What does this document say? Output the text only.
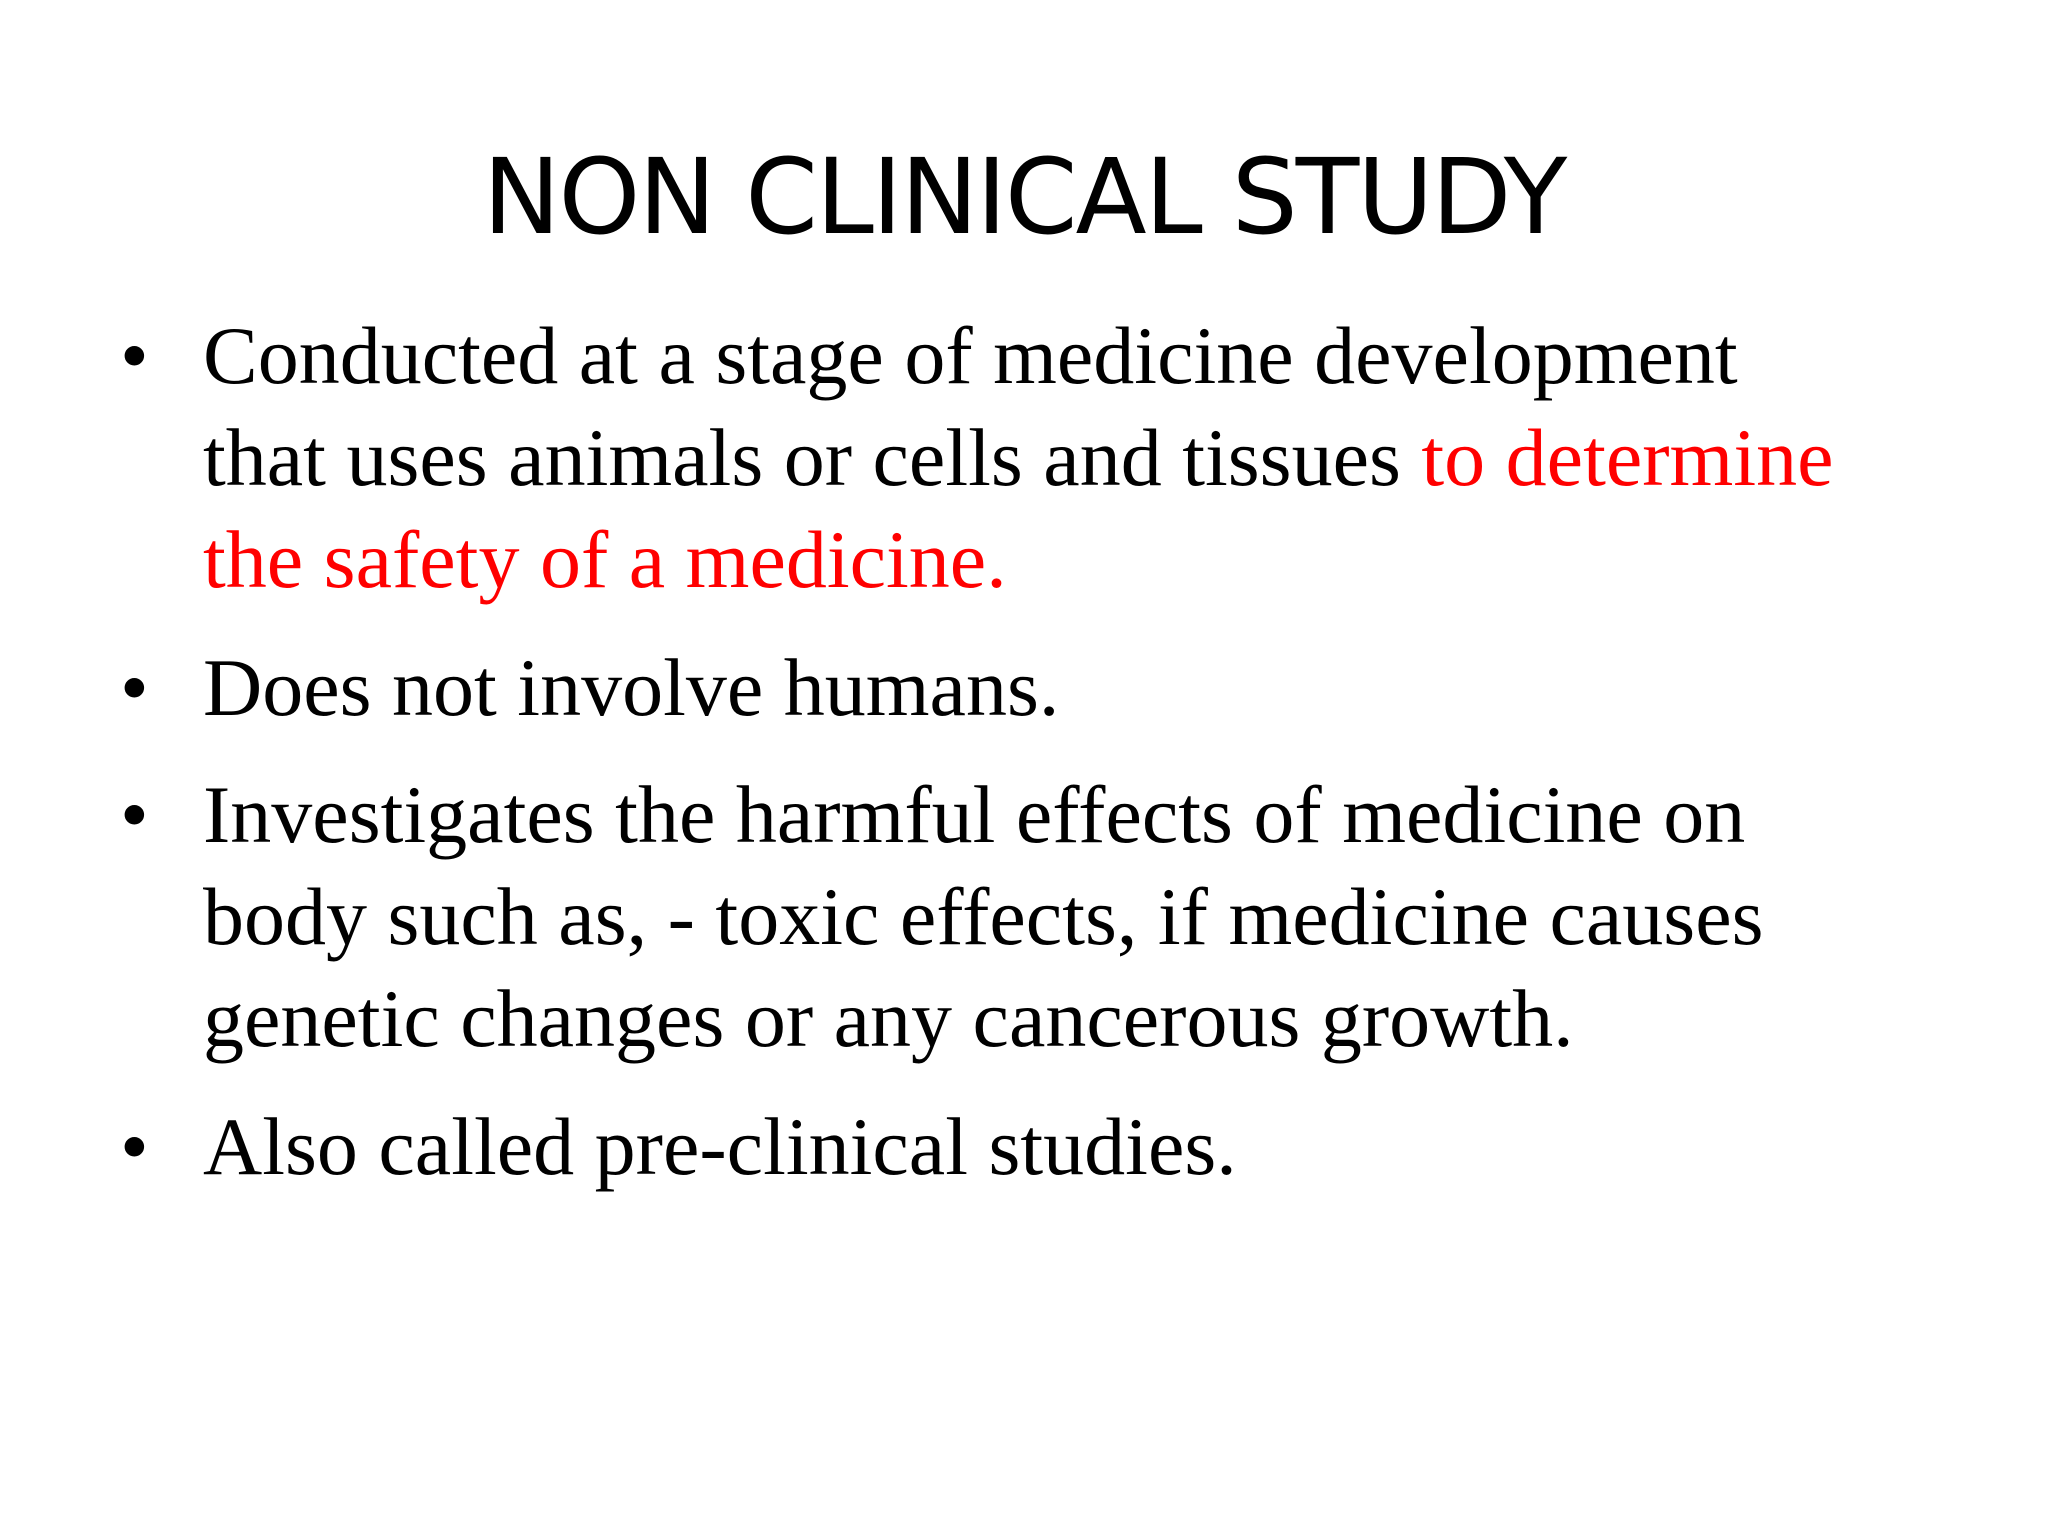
NON CLINICAL STUDY
• Conducted at a stage of medicine development
that uses animals or cells and tissues to determine
the safety of a medicine.
• Does not involve humans.
• Investigates the harmful effects of medicine on
body such as, - toxic effects, if medicine causes
genetic changes or any cancerous growth.
• Also called pre-clinical studies.
